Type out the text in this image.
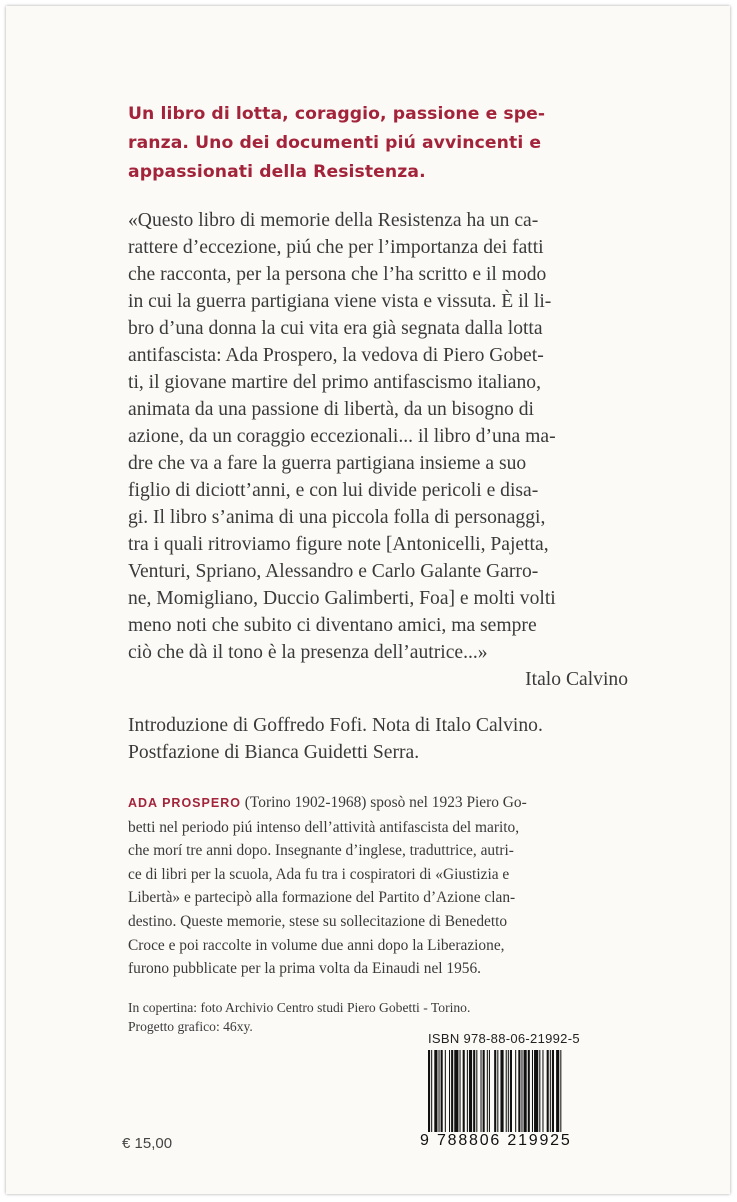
Un libro di lotta, coraggio, passione e spe-
ranza. Uno dei documenti piú avvincenti e
appassionati della Resistenza.

«Questo libro di memorie della Resistenza ha un ca-
rattere d’eccezione, piú che per l’importanza dei fatti
che racconta, per la persona che l’ha scritto e il modo
in cui la guerra partigiana viene vista e vissuta. È il li-
bro d’una donna la cui vita era già segnata dalla lotta
antifascista: Ada Prospero, la vedova di Piero Gobet-
ti, il giovane martire del primo antifascismo italiano,
animata da una passione di libertà, da un bisogno di
azione, da un coraggio eccezionali... il libro d’una ma-
dre che va a fare la guerra partigiana insieme a suo
figlio di diciott’anni, e con lui divide pericoli e disa-
gi. Il libro s’anima di una piccola folla di personaggi,
tra i quali ritroviamo figure note [Antonicelli, Pajetta,
Venturi, Spriano, Alessandro e Carlo Galante Garro-
ne, Momigliano, Duccio Galimberti, Foa] e molti volti
meno noti che subito ci diventano amici, ma sempre
ciò che dà il tono è la presenza dell’autrice...»
Italo Calvino
Introduzione di Goffredo Fofi. Nota di Italo Calvino.
Postfazione di Bianca Guidetti Serra.
ADA PROSPERO (Torino 1902-1968) sposò nel 1923 Piero Go-
betti nel periodo piú intenso dell’attività antifascista del marito,
che morí tre anni dopo. Insegnante d’inglese, traduttrice, autri-
ce di libri per la scuola, Ada fu tra i cospiratori di «Giustizia e
Libertà» e partecipò alla formazione del Partito d’Azione clan-
destino. Queste memorie, stese su sollecitazione di Benedetto
Croce e poi raccolte in volume due anni dopo la Liberazione,
furono pubblicate per la prima volta da Einaudi nel 1956.
In copertina: foto Archivio Centro studi Piero Gobetti - Torino.
Progetto grafico: 46xy.
ISBN 978-88-06-21992-5
9 788806 219925
€ 15,00
